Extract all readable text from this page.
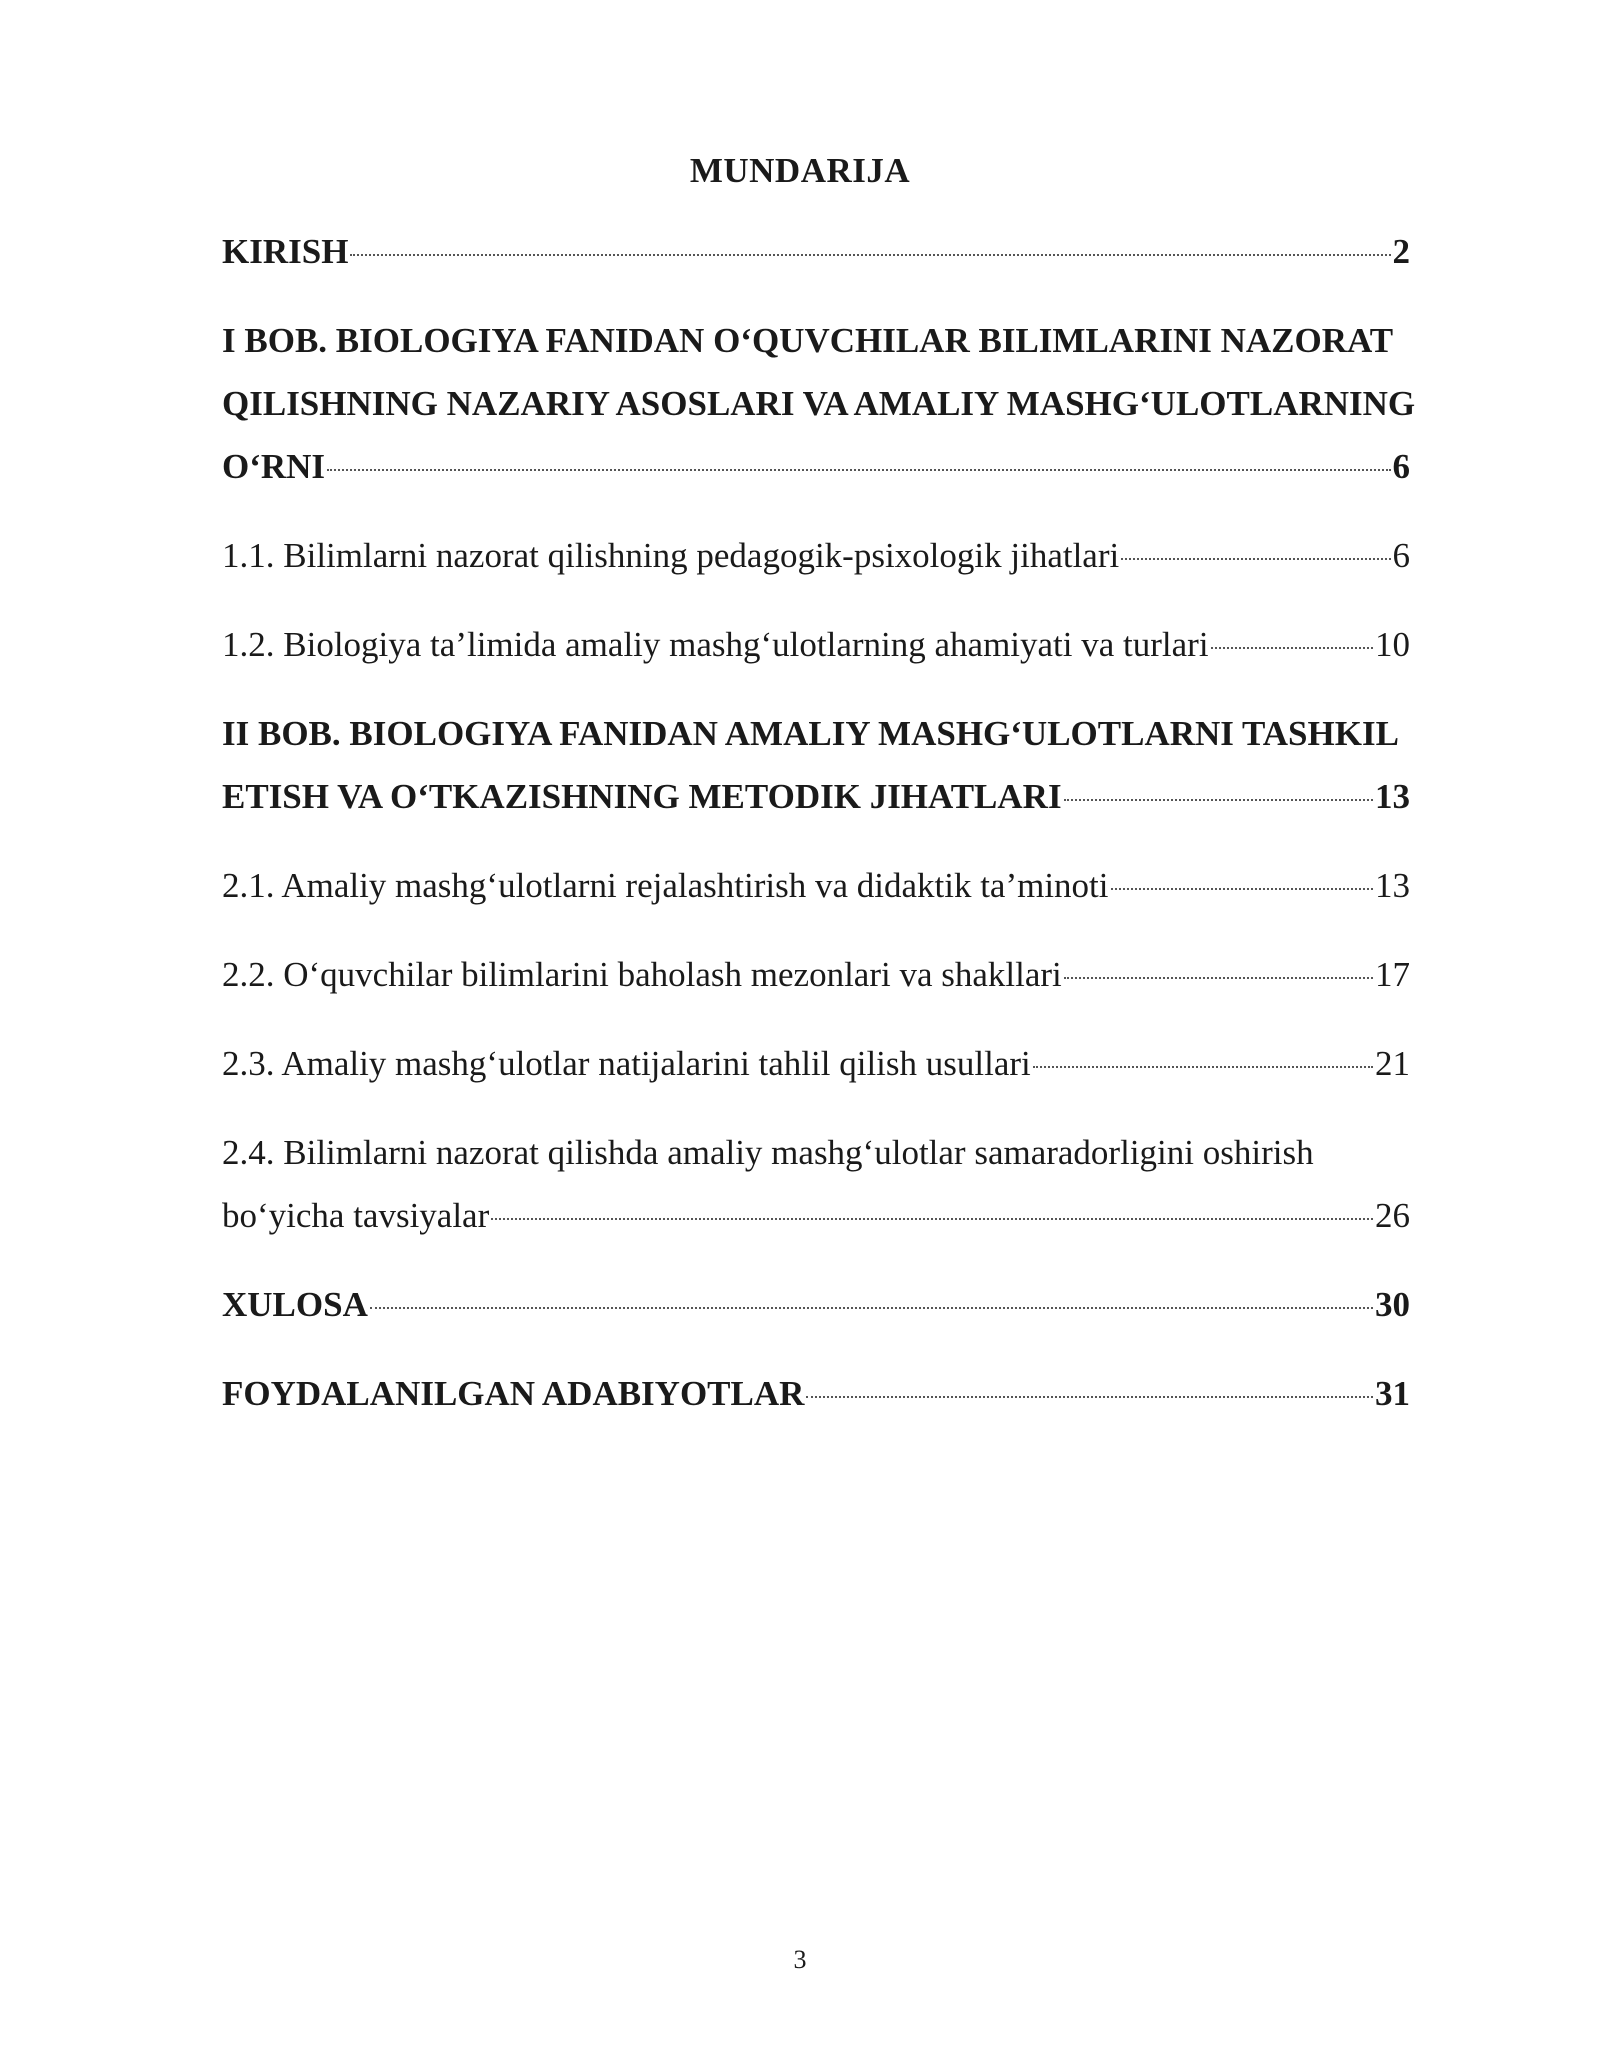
MUNDARIJA
KIRISH	2
I BOB. BIOLOGIYA FANIDAN O‘QUVCHILAR BILIMLARINI NAZORAT
QILISHNING NAZARIY ASOSLARI VA AMALIY MASHG‘ULOTLARNING
O‘RNI	6
1.1. Bilimlarni nazorat qilishning pedagogik-psixologik jihatlari	6
1.2. Biologiya ta’limida amaliy mashg‘ulotlarning ahamiyati va turlari	10
II BOB. BIOLOGIYA FANIDAN AMALIY MASHG‘ULOTLARNI TASHKIL
ETISH VA O‘TKAZISHNING METODIK JIHATLARI	13
2.1. Amaliy mashg‘ulotlarni rejalashtirish va didaktik ta’minoti	13
2.2. O‘quvchilar bilimlarini baholash mezonlari va shakllari	17
2.3. Amaliy mashg‘ulotlar natijalarini tahlil qilish usullari	21
2.4. Bilimlarni nazorat qilishda amaliy mashg‘ulotlar samaradorligini oshirish
bo‘yicha tavsiyalar	26
XULOSA	30
FOYDALANILGAN ADABIYOTLAR	31
3
